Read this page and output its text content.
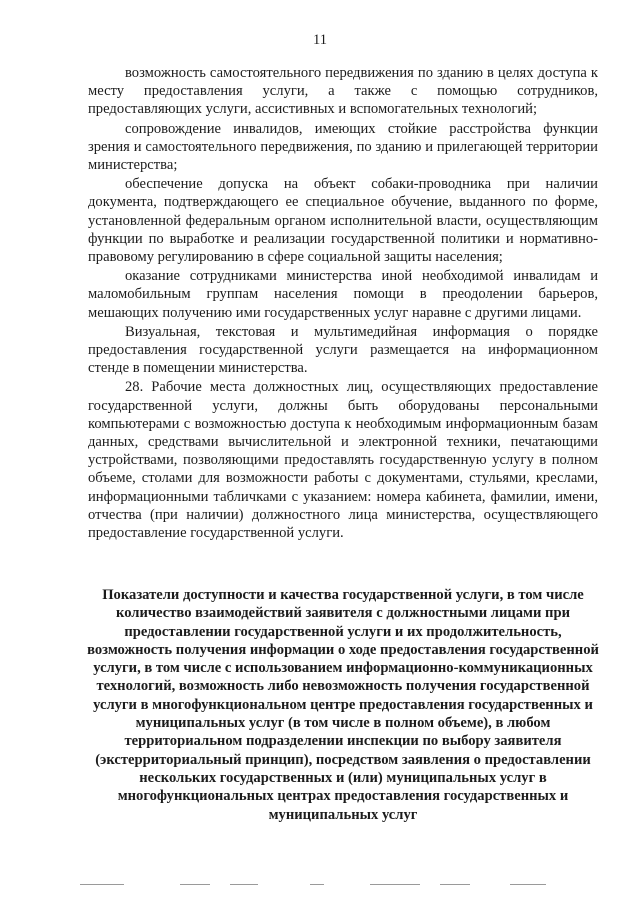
11

возможность самостоятельного передвижения по зданию в целях доступа к месту предоставления услуги, а также с помощью сотрудников, предоставляющих услуги, ассистивных и вспомогательных технологий;

сопровождение инвалидов, имеющих стойкие расстройства функции зрения и самостоятельного передвижения, по зданию и прилегающей территории министерства;

обеспечение допуска на объект собаки-проводника при наличии документа, подтверждающего ее специальное обучение, выданного по форме, установленной федеральным органом исполнительной власти, осуществляющим функции по выработке и реализации государственной политики и нормативно-правовому регулированию в сфере социальной защиты населения;

оказание сотрудниками министерства иной необходимой инвалидам и маломобильным группам населения помощи в преодолении барьеров, мешающих получению ими государственных услуг наравне с другими лицами.

Визуальная, текстовая и мультимедийная информация о порядке предоставления государственной услуги размещается на информационном стенде в помещении министерства.

28. Рабочие места должностных лиц, осуществляющих предоставление государственной услуги, должны быть оборудованы персональными компьютерами с возможностью доступа к необходимым информационным базам данных, средствами вычислительной и электронной техники, печатающими устройствами, позволяющими предоставлять государственную услугу в полном объеме, столами для возможности работы с документами, стульями, креслами, информационными табличками с указанием: номера кабинета, фамилии, имени, отчества (при наличии) должностного лица министерства, осуществляющего предоставление государственной услуги.

Показатели доступности и качества государственной услуги, в том числе количество взаимодействий заявителя с должностными лицами при предоставлении государственной услуги и их продолжительность, возможность получения информации о ходе предоставления государственной услуги, в том числе с использованием информационно-коммуникационных технологий, возможность либо невозможность получения государственной услуги в многофункциональном центре предоставления государственных и муниципальных услуг (в том числе в полном объеме), в любом территориальном подразделении инспекции по выбору заявителя (экстерриториальный принцип), посредством заявления о предоставлении нескольких государственных и (или) муниципальных услуг в многофункциональных центрах предоставления государственных и муниципальных услуг
